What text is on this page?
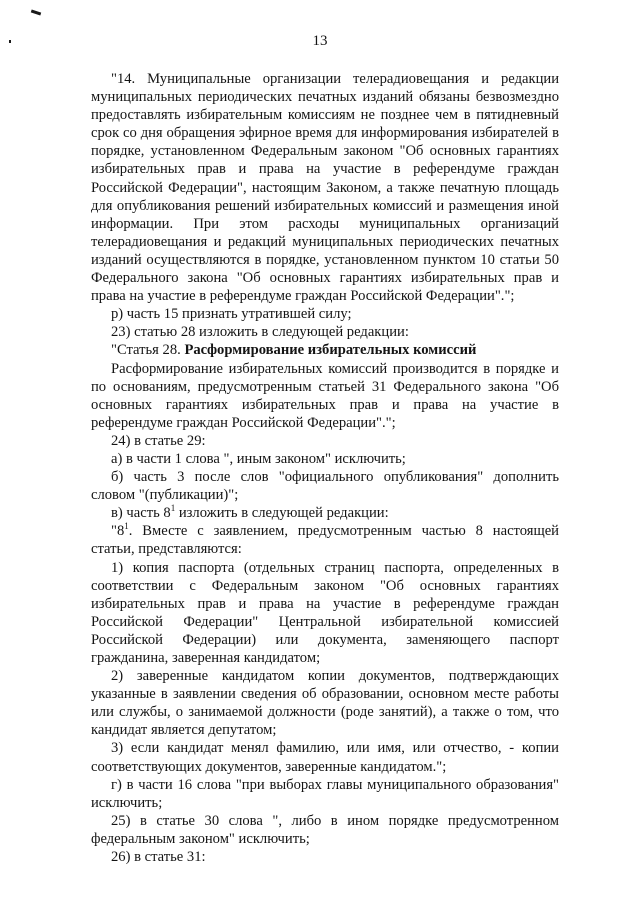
13

"14. Муниципальные организации телерадиовещания и редакции муниципальных периодических печатных изданий обязаны безвозмездно предоставлять избирательным комиссиям не позднее чем в пятидневный срок со дня обращения эфирное время для информирования избирателей в порядке, установленном Федеральным законом "Об основных гарантиях избирательных прав и права на участие в референдуме граждан Российской Федерации", настоящим Законом, а также печатную площадь для опубликования решений избирательных комиссий и размещения иной информации. При этом расходы муниципальных организаций телерадиовещания и редакций муниципальных периодических печатных изданий осуществляются в порядке, установленном пунктом 10 статьи 50 Федерального закона "Об основных гарантиях избирательных прав и права на участие в референдуме граждан Российской Федерации".";

р) часть 15 признать утратившей силу;

23) статью 28 изложить в следующей редакции:

"Статья 28. Расформирование избирательных комиссий

Расформирование избирательных комиссий производится в порядке и по основаниям, предусмотренным статьей 31 Федерального закона "Об основных гарантиях избирательных прав и права на участие в референдуме граждан Российской Федерации".";

24) в статье 29:

а) в части 1 слова ", иным законом" исключить;

б) часть 3 после слов "официального опубликования" дополнить словом "(публикации)";

в) часть $8^1$ изложить в следующей редакции:

"$8^1$. Вместе с заявлением, предусмотренным частью 8 настоящей статьи, представляются:

1) копия паспорта (отдельных страниц паспорта, определенных в соответствии с Федеральным законом "Об основных гарантиях избирательных прав и права на участие в референдуме граждан Российской Федерации" Центральной избирательной комиссией Российской Федерации) или документа, заменяющего паспорт гражданина, заверенная кандидатом;

2) заверенные кандидатом копии документов, подтверждающих указанные в заявлении сведения об образовании, основном месте работы или службы, о занимаемой должности (роде занятий), а также о том, что кандидат является депутатом;

3) если кандидат менял фамилию, или имя, или отчество, - копии соответствующих документов, заверенные кандидатом.";

г) в части 16 слова "при выборах главы муниципального образования" исключить;

25) в статье 30 слова ", либо в ином порядке предусмотренном федеральным законом" исключить;

26) в статье 31:
